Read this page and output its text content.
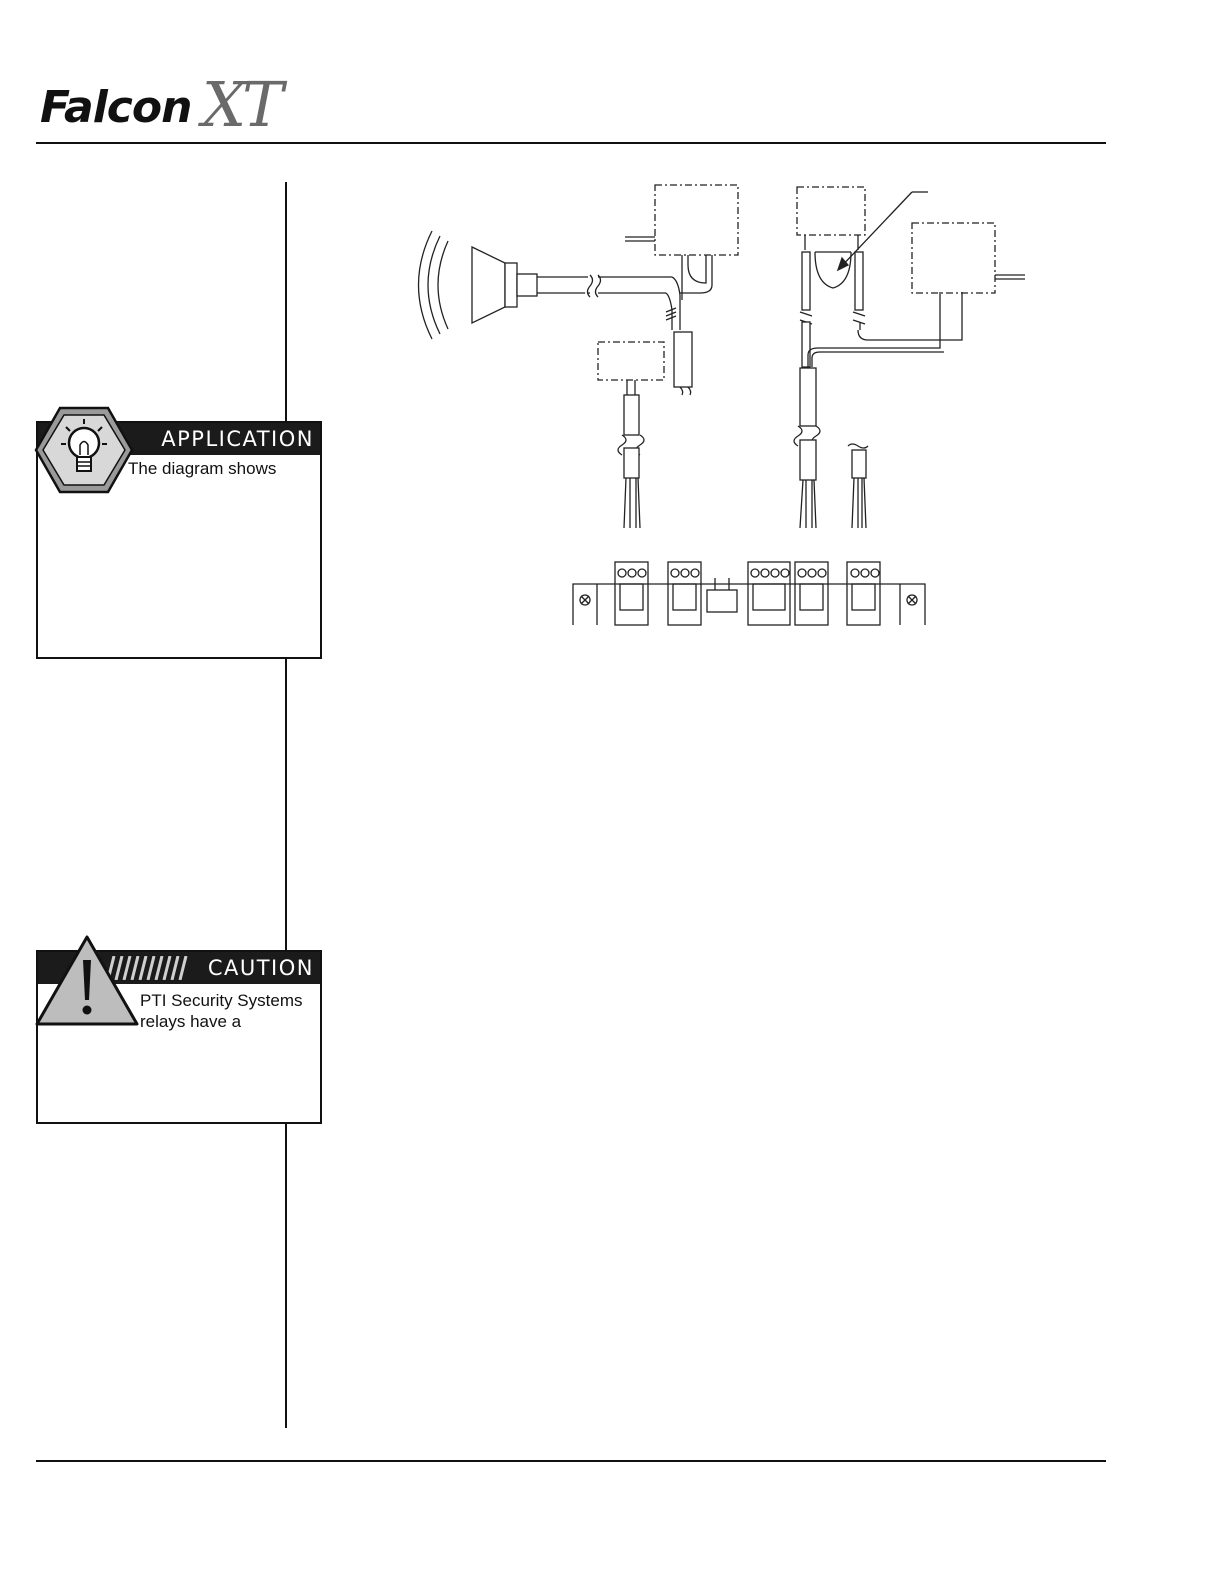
Falcon XT
APPLICATION
The diagram shows
CAUTION
PTI Security Systems
relays have a
